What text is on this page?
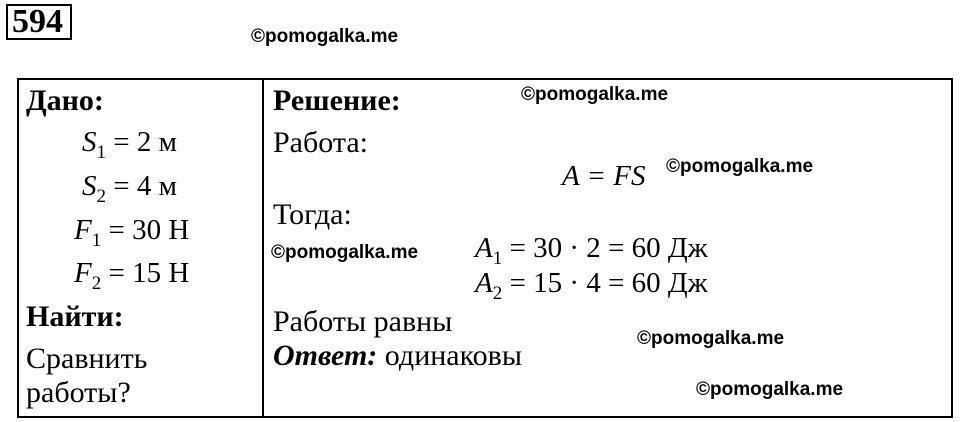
594	©pomogalka.me
©pomogalka.me
©pomogalka.me
©pomogalka.me
©pomogalka.me
©pomogalka.me
Дано:
$S_1 = 2$ м
$S_2 = 4$ м
$F_1 = 30$ Н
$F_2 = 15$ Н
Найти:
Сравнить
работы?
Решение:
Работа:
A = FS
Тогда:
$A_1 = 30 \cdot 2 = 60$ Дж
$A_2 = 15 \cdot 4 = 60$ Дж
Работы равны
Ответ: одинаковы
